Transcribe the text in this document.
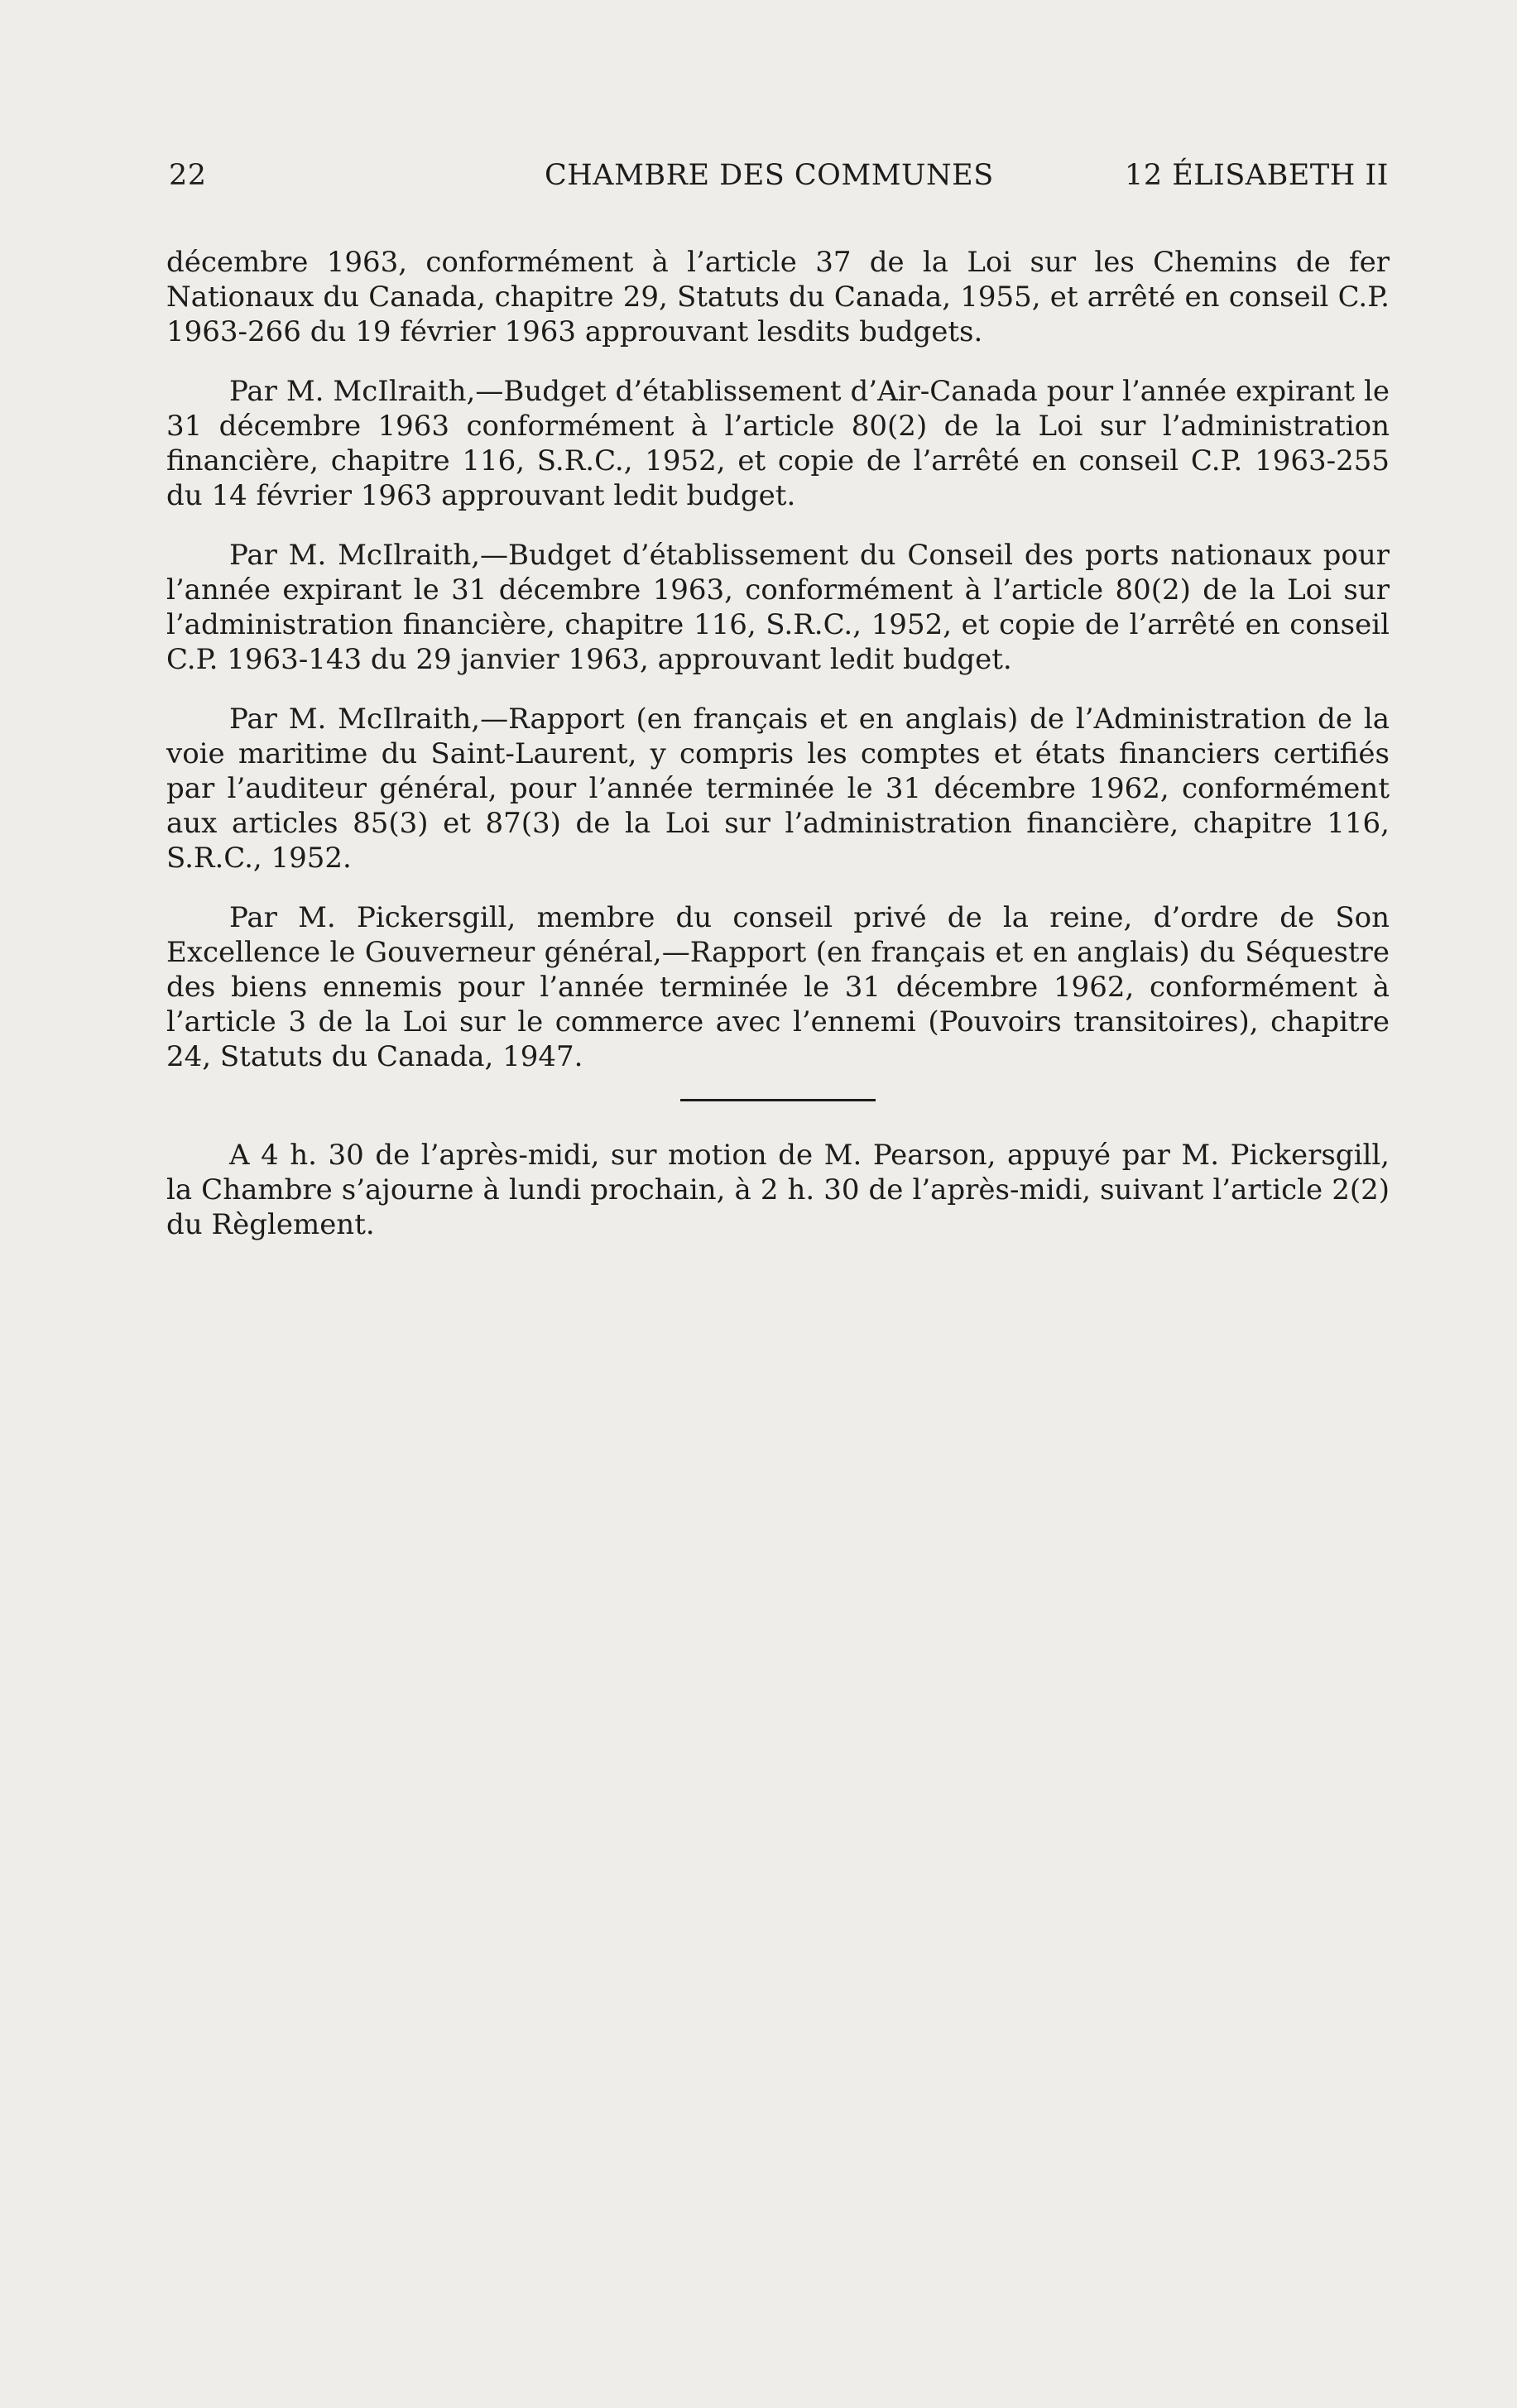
22	CHAMBRE DES COMMUNES	12 ÉLISABETH II

décembre 1963, conformément à l’article 37 de la Loi sur les Chemins de fer Nationaux du Canada, chapitre 29, Statuts du Canada, 1955, et arrêté en conseil C.P. 1963-266 du 19 février 1963 approuvant lesdits budgets.

Par M. McIlraith,—Budget d’établissement d’Air-Canada pour l’année expirant le 31 décembre 1963 conformément à l’article 80(2) de la Loi sur l’administration financière, chapitre 116, S.R.C., 1952, et copie de l’arrêté en conseil C.P. 1963-255 du 14 février 1963 approuvant ledit budget.

Par M. McIlraith,—Budget d’établissement du Conseil des ports nationaux pour l’année expirant le 31 décembre 1963, conformément à l’article 80(2) de la Loi sur l’administration financière, chapitre 116, S.R.C., 1952, et copie de l’arrêté en conseil C.P. 1963-143 du 29 janvier 1963, approuvant ledit budget.

Par M. McIlraith,—Rapport (en français et en anglais) de l’Administration de la voie maritime du Saint-Laurent, y compris les comptes et états financiers certifiés par l’auditeur général, pour l’année terminée le 31 décembre 1962, conformément aux articles 85(3) et 87(3) de la Loi sur l’administration financière, chapitre 116, S.R.C., 1952.

Par M. Pickersgill, membre du conseil privé de la reine, d’ordre de Son Excellence le Gouverneur général,—Rapport (en français et en anglais) du Séquestre des biens ennemis pour l’année terminée le 31 décembre 1962, conformément à l’article 3 de la Loi sur le commerce avec l’ennemi (Pouvoirs transitoires), chapitre 24, Statuts du Canada, 1947.

A 4 h. 30 de l’après-midi, sur motion de M. Pearson, appuyé par M. Pickersgill, la Chambre s’ajourne à lundi prochain, à 2 h. 30 de l’après-midi, suivant l’article 2(2) du Règlement.
